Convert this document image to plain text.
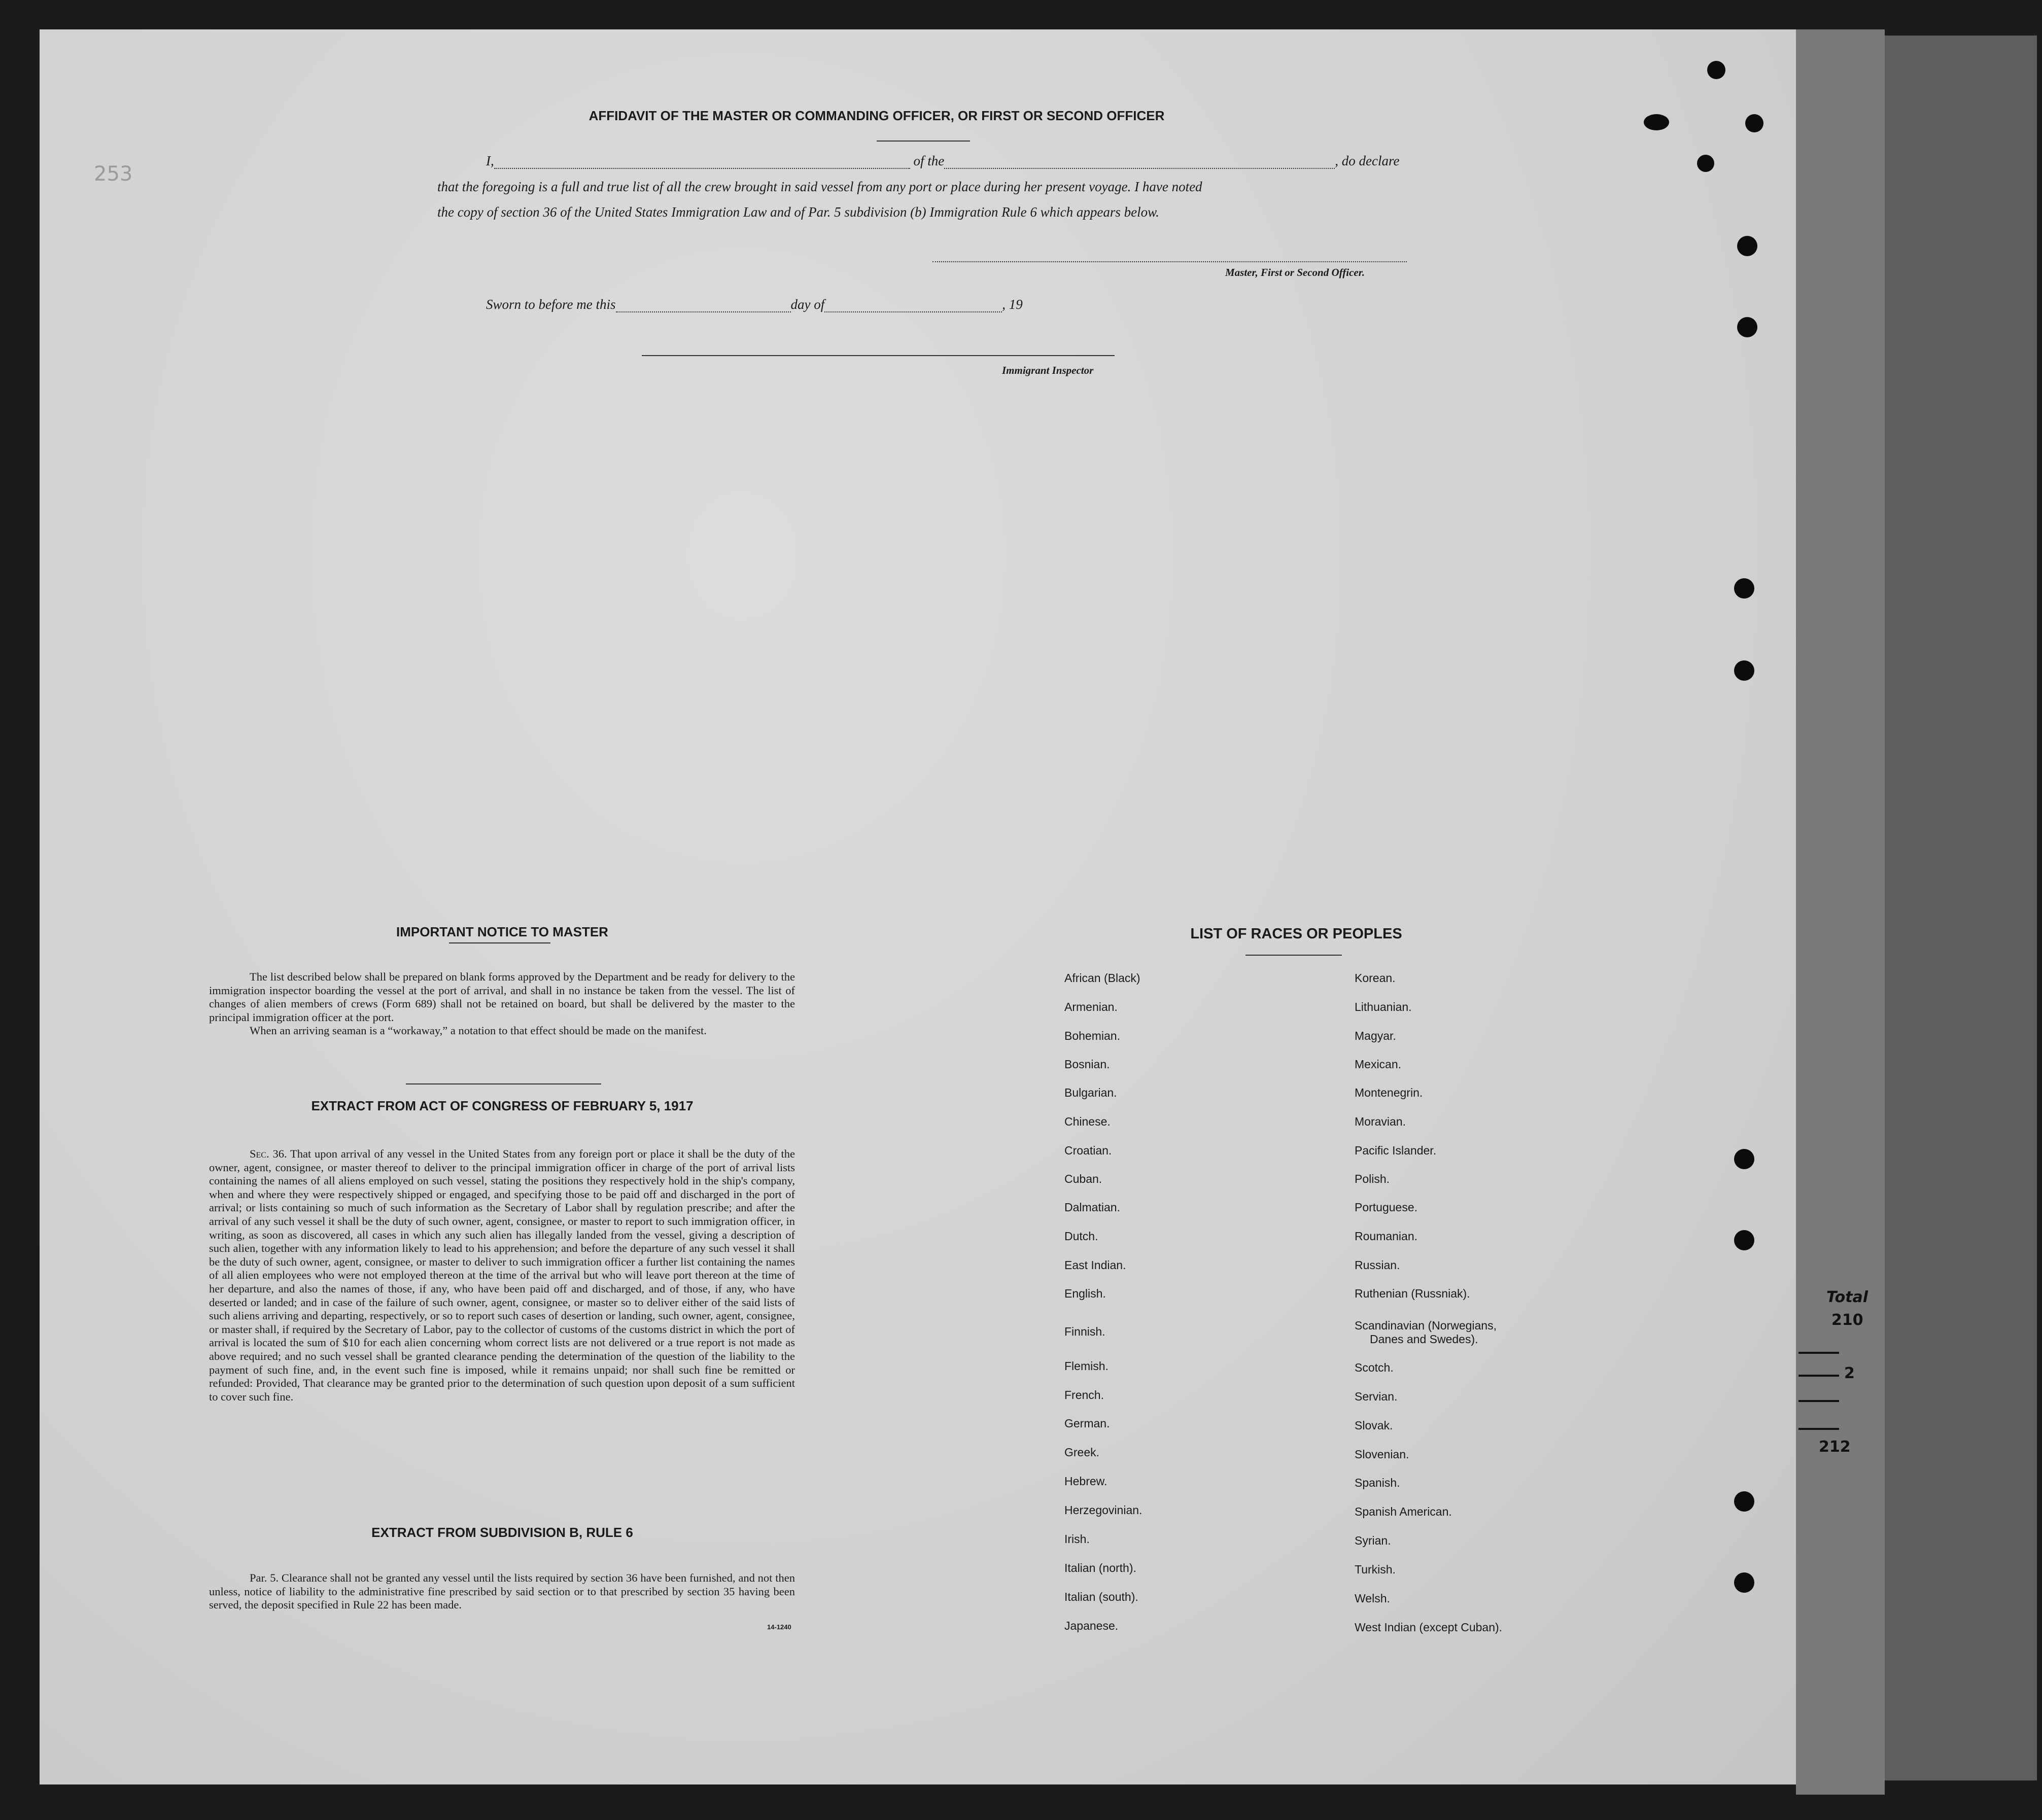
253
AFFIDAVIT OF THE MASTER OR COMMANDING OFFICER, OR FIRST OR SECOND OFFICER
I,	of the	, do declare
that the foregoing is a full and true list of all the crew brought in said vessel from any port or place during her present voyage. I have noted
the copy of section 36 of the United States Immigration Law and of Par. 5 subdivision (b) Immigration Rule 6 which appears below.
Master, First or Second Officer.
Sworn to before me this	day of	, 19
Immigrant Inspector
IMPORTANT NOTICE TO MASTER

The list described below shall be prepared on blank forms approved by the Department and be ready for delivery to the immigration inspector boarding the vessel at the port of arrival, and shall in no instance be taken from the vessel. The list of changes of alien members of crews (Form 689) shall not be retained on board, but shall be delivered by the master to the principal immigration officer at the port.

When an arriving seaman is a “workaway,” a notation to that effect should be made on the manifest.

EXTRACT FROM ACT OF CONGRESS OF FEBRUARY 5, 1917

Sec. 36. That upon arrival of any vessel in the United States from any foreign port or place it shall be the duty of the owner, agent, consignee, or master thereof to deliver to the principal immigration officer in charge of the port of arrival lists containing the names of all aliens employed on such vessel, stating the positions they respectively hold in the ship's company, when and where they were respectively shipped or engaged, and specifying those to be paid off and discharged in the port of arrival; or lists containing so much of such information as the Secretary of Labor shall by regulation prescribe; and after the arrival of any such vessel it shall be the duty of such owner, agent, consignee, or master to report to such immigration officer, in writing, as soon as discovered, all cases in which any such alien has illegally landed from the vessel, giving a description of such alien, together with any information likely to lead to his apprehension; and before the departure of any such vessel it shall be the duty of such owner, agent, consignee, or master to deliver to such immigration officer a further list containing the names of all alien employees who were not employed thereon at the time of the arrival but who will leave port thereon at the time of her departure, and also the names of those, if any, who have been paid off and discharged, and of those, if any, who have deserted or landed; and in case of the failure of such owner, agent, consignee, or master so to deliver either of the said lists of such aliens arriving and departing, respectively, or so to report such cases of desertion or landing, such owner, agent, consignee, or master shall, if required by the Secretary of Labor, pay to the collector of customs of the customs district in which the port of arrival is located the sum of $10 for each alien concerning whom correct lists are not delivered or a true report is not made as above required; and no such vessel shall be granted clearance pending the determination of the question of the liability to the payment of such fine, and, in the event such fine is imposed, while it remains unpaid; nor shall such fine be remitted or refunded: Provided, That clearance may be granted prior to the determination of such question upon deposit of a sum sufficient to cover such fine.

EXTRACT FROM SUBDIVISION B, RULE 6

Par. 5. Clearance shall not be granted any vessel until the lists required by section 36 have been furnished, and not then unless, notice of liability to the administrative fine prescribed by said section or to that prescribed by section 35 having been served, the deposit specified in Rule 22 has been made.

14-1240
LIST OF RACES OR PEOPLES
African (Black)
Armenian.
Bohemian.
Bosnian.
Bulgarian.
Chinese.
Croatian.
Cuban.
Dalmatian.
Dutch.
East Indian.
English.
Finnish.
Flemish.
French.
German.
Greek.
Hebrew.
Herzegovinian.
Irish.
Italian (north).
Italian (south).
Japanese.
Korean.
Lithuanian.
Magyar.
Mexican.
Montenegrin.
Moravian.
Pacific Islander.
Polish.
Portuguese.
Roumanian.
Russian.
Ruthenian (Russniak).
Scandinavian (Norwegians,
Danes and Swedes).
Scotch.
Servian.
Slovak.
Slovenian.
Spanish.
Spanish American.
Syrian.
Turkish.
Welsh.
West Indian (except Cuban).
Total
210
2
212
